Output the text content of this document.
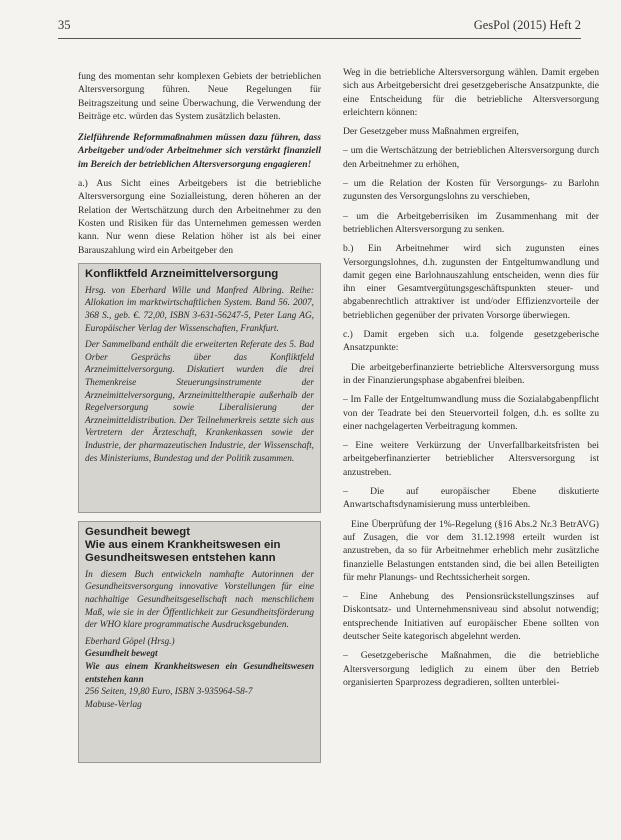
35	GesPol (2015) Heft 2

fung des momentan sehr komplexen Gebiets der betrieblichen Altersversorgung führen. Neue Regelungen für Beitragszeitung und seine Überwachung, die Verwendung der Beiträge etc. würden das System zusätzlich belasten.

Zielführende Reformmaßnahmen müssen dazu führen, dass Arbeitgeber und/oder Arbeitnehmer sich verstärkt finanziell im Bereich der betrieblichen Altersversorgung engagieren!

a.) Aus Sicht eines Arbeitgebers ist die betriebliche Altersversorgung eine Sozialleistung, deren höheren an der Relation der Wertschätzung durch den Arbeitnehmer zu den Kosten und Risiken für das Unternehmen gemessen werden kann. Nur wenn diese Relation höher ist als bei einer Barauszahlung wird ein Arbeitgeber den

Konfliktfeld Arzneimittelversorgung

Hrsg. von Eberhard Wille und Manfred Albring. Reihe: Allokation im marktwirtschaftlichen System. Band 56. 2007, 368 S., geb. €. 72,00, ISBN 3-631-56247-5, Peter Lang AG, Europäischer Verlag der Wissenschaften, Frankfurt.

Der Sammelband enthält die erweiterten Referate des 5. Bad Orber Gesprächs über das Konfliktfeld Arzneimittelversorgung. Diskutiert wurden die drei Themenkreise Steuerungsinstrumente der Arzneimittelversorgung, Arzneimitteltherapie außerhalb der Regelversorgung sowie Liberalisierung der Arzneimitteldistribution. Der Teilnehmerkreis setzte sich aus Vertretern der Ärzteschaft, Krankenkassen sowie der Industrie, der pharmazeutischen Industrie, der Wissenschaft, des Ministeriums, Bundestag und der Politik zusammen.

Gesundheit bewegt
Wie aus einem Krankheitswesen ein
Gesundheitswesen entstehen kann

In diesem Buch entwickeln namhafte Autorinnen der Gesundheitsversorgung innovative Vorstellungen für eine nachhaltige Gesundheitsgesellschaft nach menschlichem Maß, wie sie in der Öffentlichkeit zur Gesundheitsförderung der WHO klare programmatische Ausdrucksgebunden.

Eberhard Göpel (Hrsg.)

Gesundheit bewegt

Wie aus einem Krankheitswesen ein Gesundheitswesen entstehen kann

256 Seiten, 19,80 Euro, ISBN 3-935964-58-7

Mabuse-Verlag

Weg in die betriebliche Altersversorgung wählen. Damit ergeben sich aus Arbeitgebersicht drei gesetzgeberische Ansatzpunkte, die eine Entscheidung für die betriebliche Altersversorgung erleichtern können:

Der Gesetzgeber muss Maßnahmen ergreifen,

– um die Wertschätzung der betrieblichen Altersversorgung durch den Arbeitnehmer zu erhöhen,

– um die Relation der Kosten für Versorgungs- zu Barlohn zugunsten des Versorgungslohns zu verschieben,

– um die Arbeitgeberrisiken im Zusammenhang mit der betrieblichen Altersversorgung zu senken.

b.) Ein Arbeitnehmer wird sich zugunsten eines Versorgungslohnes, d.h. zugunsten der Entgeltumwandlung und damit gegen eine Barlohnauszahlung entscheiden, wenn dies für ihn einer Gesamtvergütungsgeschäftspunkten steuer- und abgabenrechtlich attraktiver ist und/oder Effizienzvorteile der betrieblichen gegenüber der privaten Vorsorge überwiegen.

c.) Damit ergeben sich u.a. folgende gesetzgeberische Ansatzpunkte:

Die arbeitgeberfinanzierte betriebliche Altersversorgung muss in der Finanzierungsphase abgabenfrei bleiben.

– Im Falle der Entgeltumwandlung muss die Sozialabgabenpflicht von der Teadrate bei den Steuervorteil folgen, d.h. es sollte zu einer nachgelagerten Verbeitragung kommen.

– Eine weitere Verkürzung der Unverfallbarkeitsfristen bei arbeitgeberfinanzierter betrieblicher Altersversorgung ist anzustreben.

– Die auf europäischer Ebene diskutierte Anwartschaftsdynamisierung muss unterbleiben.

Eine Überprüfung der 1%-Regelung (§16 Abs.2 Nr.3 BetrAVG) auf Zusagen, die vor dem 31.12.1998 erteilt wurden ist anzustreben, da so für Arbeitnehmer erheblich mehr zusätzliche finanzielle Belastungen entstanden sind, die bei allen Beteiligten für mehr Planungs- und Rechtssicherheit sorgen.

– Eine Anhebung des Pensionsrückstellungszinses auf Diskontsatz- und Unternehmensniveau sind absolut notwendig; entsprechende Initiativen auf europäischer Ebene sollten von deutscher Seite kategorisch abgelehnt werden.

– Gesetzgeberische Maßnahmen, die die betriebliche Altersversorgung lediglich zu einem über den Betrieb organisierten Sparprozess degradieren, sollten unterblei-
